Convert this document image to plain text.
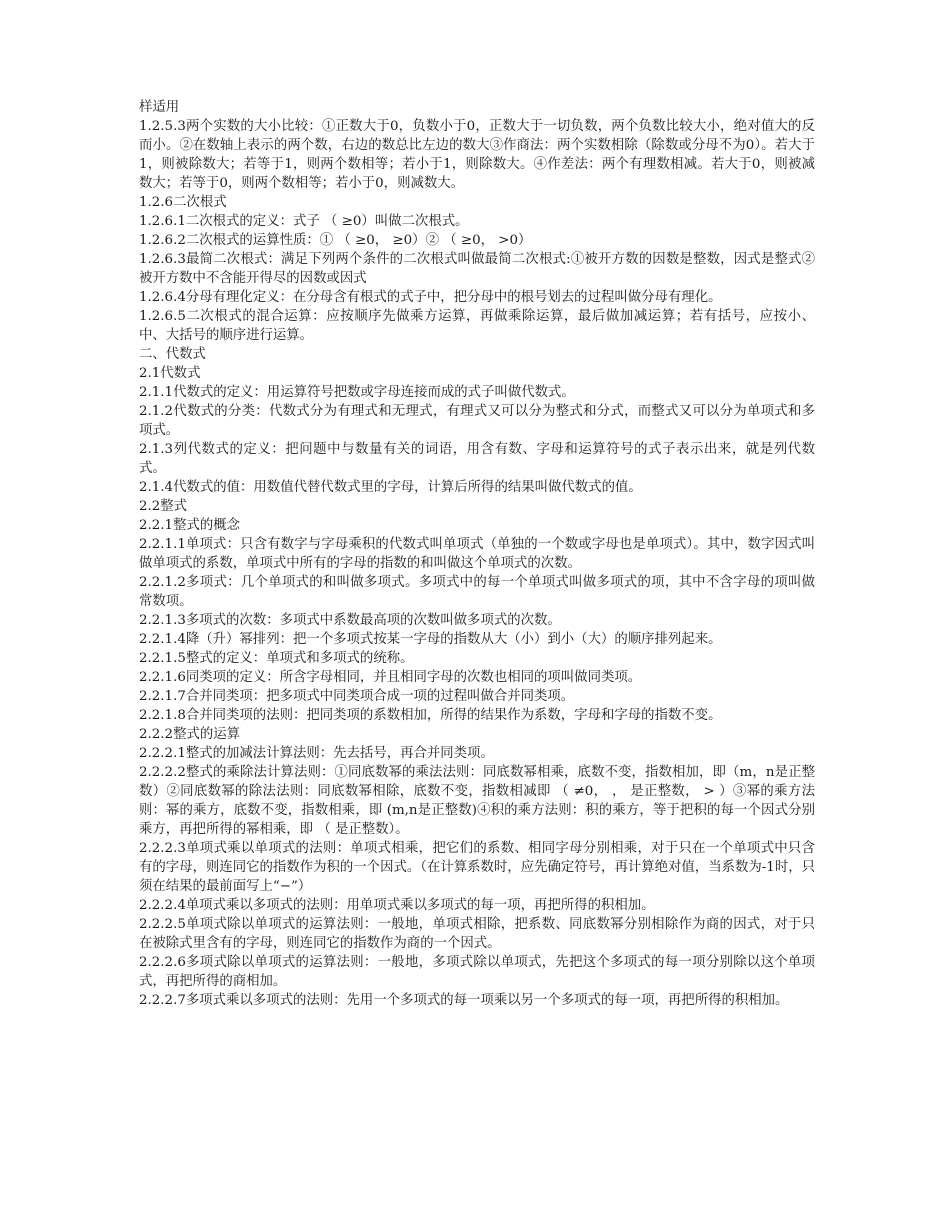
样适用

1.2.5.3两个实数的大小比较：①正数大于0，负数小于0，正数大于一切负数，两个负数比较大小，绝对值大的反而小。②在数轴上表示的两个数，右边的数总比左边的数大③作商法：两个实数相除（除数或分母不为0）。若大于1，则被除数大；若等于1，则两个数相等；若小于1，则除数大。④作差法：两个有理数相减。若大于0，则被减数大；若等于0，则两个数相等；若小于0，则减数大。

1.2.6二次根式

1.2.6.1二次根式的定义：式子 （ ≥0）叫做二次根式。

1.2.6.2二次根式的运算性质：① （ ≥0， ≥0）② （ ≥0， >0）

1.2.6.3最简二次根式：满足下列两个条件的二次根式叫做最简二次根式:①被开方数的因数是整数，因式是整式②被开方数中不含能开得尽的因数或因式

1.2.6.4分母有理化定义：在分母含有根式的式子中，把分母中的根号划去的过程叫做分母有理化。

1.2.6.5二次根式的混合运算：应按顺序先做乘方运算，再做乘除运算，最后做加减运算；若有括号，应按小、中、大括号的顺序进行运算。

二、代数式

2.1代数式

2.1.1代数式的定义：用运算符号把数或字母连接而成的式子叫做代数式。

2.1.2代数式的分类：代数式分为有理式和无理式，有理式又可以分为整式和分式，而整式又可以分为单项式和多项式。

2.1.3列代数式的定义：把问题中与数量有关的词语，用含有数、字母和运算符号的式子表示出来，就是列代数式。

2.1.4代数式的值：用数值代替代数式里的字母，计算后所得的结果叫做代数式的值。

2.2整式

2.2.1整式的概念

2.2.1.1单项式：只含有数字与字母乘积的代数式叫单项式（单独的一个数或字母也是单项式）。其中，数字因式叫做单项式的系数，单项式中所有的字母的指数的和叫做这个单项式的次数。

2.2.1.2多项式：几个单项式的和叫做多项式。多项式中的每一个单项式叫做多项式的项，其中不含字母的项叫做常数项。

2.2.1.3多项式的次数：多项式中系数最高项的次数叫做多项式的次数。

2.2.1.4降（升）幂排列：把一个多项式按某一字母的指数从大（小）到小（大）的顺序排列起来。

2.2.1.5整式的定义：单项式和多项式的统称。

2.2.1.6同类项的定义：所含字母相同，并且相同字母的次数也相同的项叫做同类项。

2.2.1.7合并同类项：把多项式中同类项合成一项的过程叫做合并同类项。

2.2.1.8合并同类项的法则：把同类项的系数相加，所得的结果作为系数，字母和字母的指数不变。

2.2.2整式的运算

2.2.2.1整式的加减法计算法则：先去括号，再合并同类项。

2.2.2.2整式的乘除法计算法则：①同底数幂的乘法法则：同底数幂相乘，底数不变，指数相加，即（m，n是正整数）②同底数幂的除法法则：同底数幂相除，底数不变，指数相减即 （ ≠0， ， 是正整数， > ）③幂的乘方法则：幂的乘方，底数不变，指数相乘，即 (m,n是正整数)④积的乘方法则：积的乘方，等于把积的每一个因式分别乘方，再把所得的幂相乘，即 （ 是正整数）。

2.2.2.3单项式乘以单项式的法则：单项式相乘，把它们的系数、相同字母分别相乘，对于只在一个单项式中只含有的字母，则连同它的指数作为积的一个因式。（在计算系数时，应先确定符号，再计算绝对值，当系数为-1时，只须在结果的最前面写上“−”）

2.2.2.4单项式乘以多项式的法则：用单项式乘以多项式的每一项，再把所得的积相加。

2.2.2.5单项式除以单项式的运算法则：一般地，单项式相除，把系数、同底数幂分别相除作为商的因式，对于只在被除式里含有的字母，则连同它的指数作为商的一个因式。

2.2.2.6多项式除以单项式的运算法则：一般地，多项式除以单项式，先把这个多项式的每一项分别除以这个单项式，再把所得的商相加。

2.2.2.7多项式乘以多项式的法则：先用一个多项式的每一项乘以另一个多项式的每一项，再把所得的积相加。
